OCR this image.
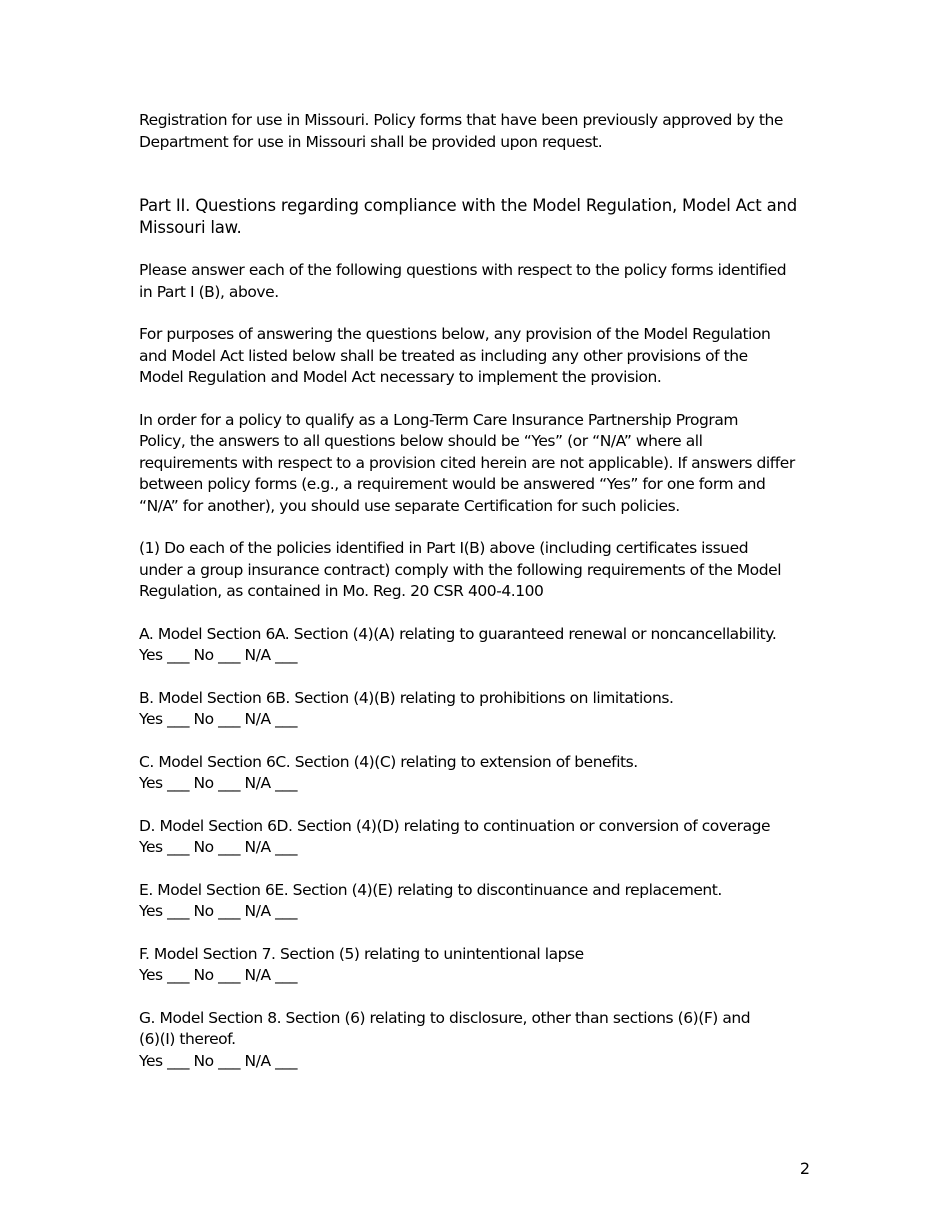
Registration for use in Missouri. Policy forms that have been previously approved by the
Department for use in Missouri shall be provided upon request.

Part II. Questions regarding compliance with the Model Regulation, Model Act and
Missouri law.

Please answer each of the following questions with respect to the policy forms identified
in Part I (B), above.

For purposes of answering the questions below, any provision of the Model Regulation
and Model Act listed below shall be treated as including any other provisions of the
Model Regulation and Model Act necessary to implement the provision.

In order for a policy to qualify as a Long-Term Care Insurance Partnership Program
Policy, the answers to all questions below should be “Yes” (or “N/A” where all
requirements with respect to a provision cited herein are not applicable). If answers differ
between policy forms (e.g., a requirement would be answered “Yes” for one form and
“N/A” for another), you should use separate Certification for such policies.

(1) Do each of the policies identified in Part I(B) above (including certificates issued
under a group insurance contract) comply with the following requirements of the Model
Regulation, as contained in Mo. Reg. 20 CSR 400-4.100

A. Model Section 6A. Section (4)(A) relating to guaranteed renewal or noncancellability.
Yes ___ No ___ N/A ___
B. Model Section 6B. Section (4)(B) relating to prohibitions on limitations.
Yes ___ No ___ N/A ___
C. Model Section 6C. Section (4)(C) relating to extension of benefits.
Yes ___ No ___ N/A ___
D. Model Section 6D. Section (4)(D) relating to continuation or conversion of coverage
Yes ___ No ___ N/A ___
E. Model Section 6E. Section (4)(E) relating to discontinuance and replacement.
Yes ___ No ___ N/A ___
F. Model Section 7. Section (5) relating to unintentional lapse
Yes ___ No ___ N/A ___
G. Model Section 8. Section (6) relating to disclosure, other than sections (6)(F) and
(6)(I) thereof.
Yes ___ No ___ N/A ___
2
